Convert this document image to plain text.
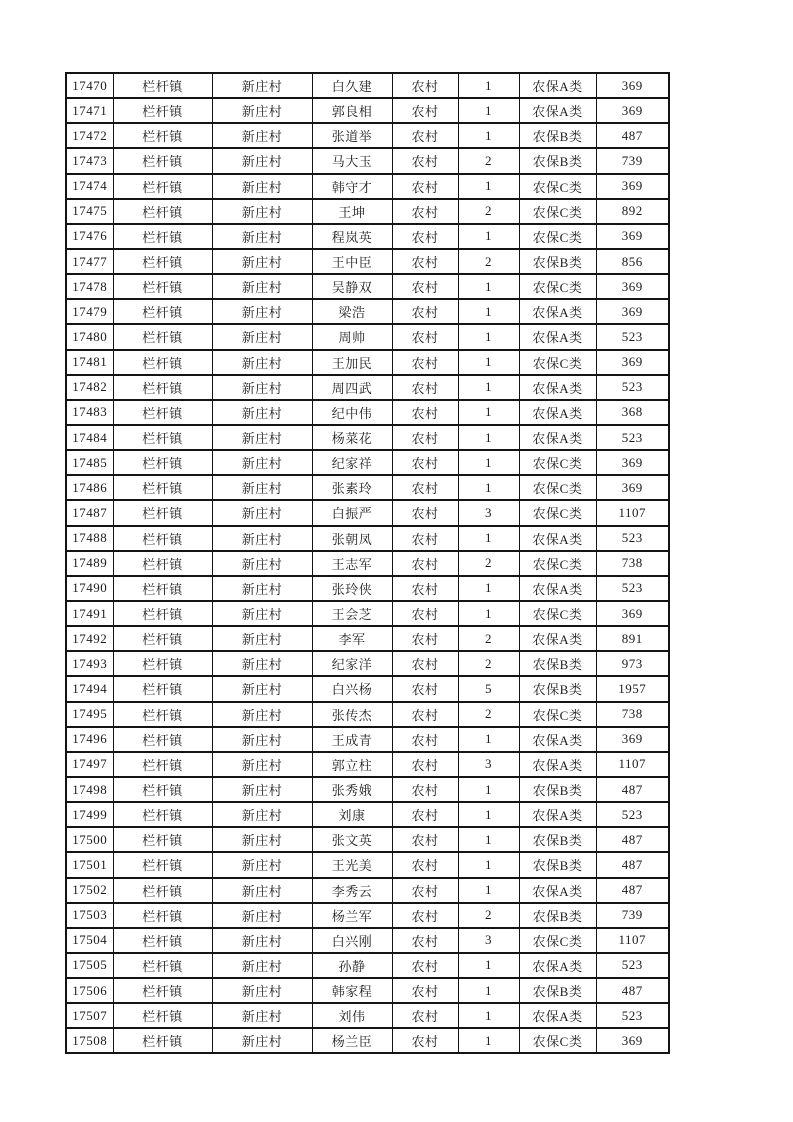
17470	栏杆镇	新庄村	白久建	农村	1	农保A类	369
17471	栏杆镇	新庄村	郭良相	农村	1	农保A类	369
17472	栏杆镇	新庄村	张道举	农村	1	农保B类	487
17473	栏杆镇	新庄村	马大玉	农村	2	农保B类	739
17474	栏杆镇	新庄村	韩守才	农村	1	农保C类	369
17475	栏杆镇	新庄村	王坤	农村	2	农保C类	892
17476	栏杆镇	新庄村	程岚英	农村	1	农保C类	369
17477	栏杆镇	新庄村	王中臣	农村	2	农保B类	856
17478	栏杆镇	新庄村	吴静双	农村	1	农保C类	369
17479	栏杆镇	新庄村	梁浩	农村	1	农保A类	369
17480	栏杆镇	新庄村	周帅	农村	1	农保A类	523
17481	栏杆镇	新庄村	王加民	农村	1	农保C类	369
17482	栏杆镇	新庄村	周四武	农村	1	农保A类	523
17483	栏杆镇	新庄村	纪中伟	农村	1	农保A类	368
17484	栏杆镇	新庄村	杨菜花	农村	1	农保A类	523
17485	栏杆镇	新庄村	纪家祥	农村	1	农保C类	369
17486	栏杆镇	新庄村	张素玲	农村	1	农保C类	369
17487	栏杆镇	新庄村	白振严	农村	3	农保C类	1107
17488	栏杆镇	新庄村	张朝凤	农村	1	农保A类	523
17489	栏杆镇	新庄村	王志军	农村	2	农保C类	738
17490	栏杆镇	新庄村	张玲侠	农村	1	农保A类	523
17491	栏杆镇	新庄村	王会芝	农村	1	农保C类	369
17492	栏杆镇	新庄村	李军	农村	2	农保A类	891
17493	栏杆镇	新庄村	纪家洋	农村	2	农保B类	973
17494	栏杆镇	新庄村	白兴杨	农村	5	农保B类	1957
17495	栏杆镇	新庄村	张传杰	农村	2	农保C类	738
17496	栏杆镇	新庄村	王成青	农村	1	农保A类	369
17497	栏杆镇	新庄村	郭立柱	农村	3	农保A类	1107
17498	栏杆镇	新庄村	张秀娥	农村	1	农保B类	487
17499	栏杆镇	新庄村	刘康	农村	1	农保A类	523
17500	栏杆镇	新庄村	张文英	农村	1	农保B类	487
17501	栏杆镇	新庄村	王光美	农村	1	农保B类	487
17502	栏杆镇	新庄村	李秀云	农村	1	农保A类	487
17503	栏杆镇	新庄村	杨兰军	农村	2	农保B类	739
17504	栏杆镇	新庄村	白兴刚	农村	3	农保C类	1107
17505	栏杆镇	新庄村	孙静	农村	1	农保A类	523
17506	栏杆镇	新庄村	韩家程	农村	1	农保B类	487
17507	栏杆镇	新庄村	刘伟	农村	1	农保A类	523
17508	栏杆镇	新庄村	杨兰臣	农村	1	农保C类	369
